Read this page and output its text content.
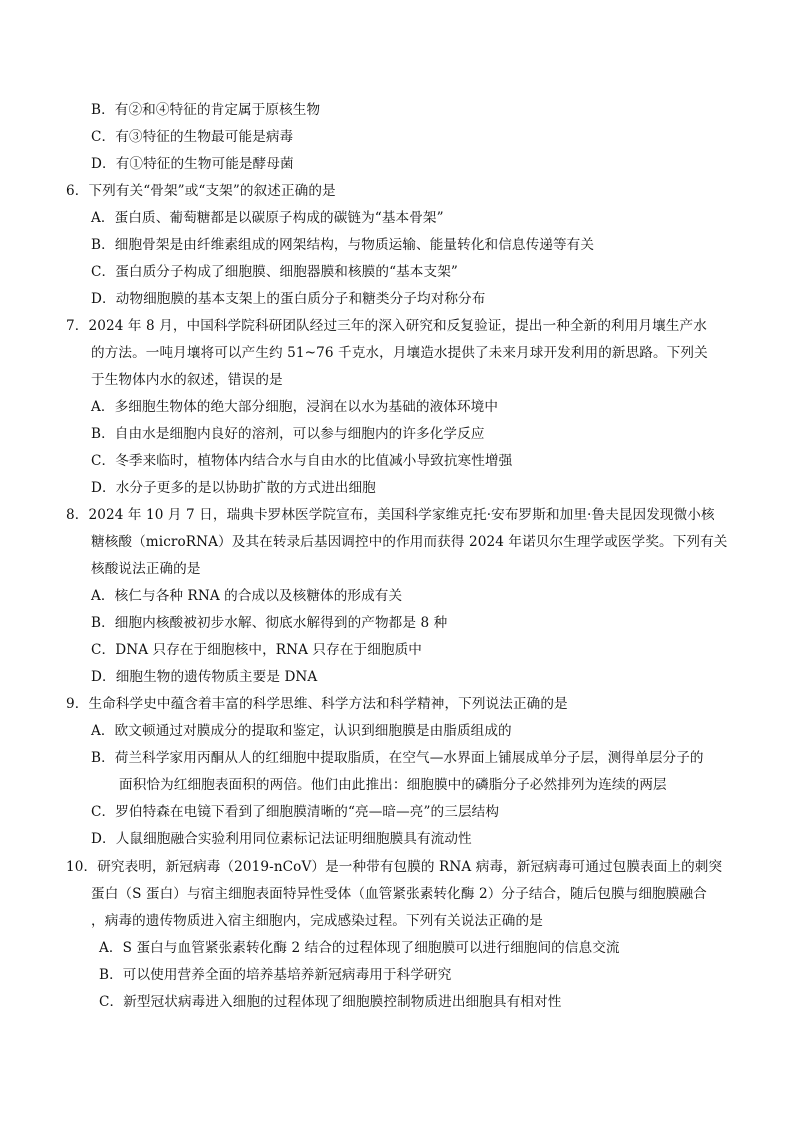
B．有②和④特征的肯定属于原核生物
C．有③特征的生物最可能是病毒
D．有①特征的生物可能是酵母菌
6．下列有关“骨架”或“支架”的叙述正确的是
A．蛋白质、葡萄糖都是以碳原子构成的碳链为“基本骨架”
B．细胞骨架是由纤维素组成的网架结构，与物质运输、能量转化和信息传递等有关
C．蛋白质分子构成了细胞膜、细胞器膜和核膜的“基本支架”
D．动物细胞膜的基本支架上的蛋白质分子和糖类分子均对称分布
7．2024 年 8 月，中国科学院科研团队经过三年的深入研究和反复验证，提出一种全新的利用月壤生产水
的方法。一吨月壤将可以产生约 51~76 千克水，月壤造水提供了未来月球开发利用的新思路。下列关
于生物体内水的叙述，错误的是
A．多细胞生物体的绝大部分细胞，浸润在以水为基础的液体环境中
B．自由水是细胞内良好的溶剂，可以参与细胞内的许多化学反应
C．冬季来临时，植物体内结合水与自由水的比值减小导致抗寒性增强
D．水分子更多的是以协助扩散的方式进出细胞
8．2024 年 10 月 7 日，瑞典卡罗林医学院宣布，美国科学家维克托·安布罗斯和加里·鲁夫昆因发现微小核
糖核酸（microRNA）及其在转录后基因调控中的作用而获得 2024 年诺贝尔生理学或医学奖。下列有关
核酸说法正确的是
A．核仁与各种 RNA 的合成以及核糖体的形成有关
B．细胞内核酸被初步水解、彻底水解得到的产物都是 8 种
C．DNA 只存在于细胞核中，RNA 只存在于细胞质中
D．细胞生物的遗传物质主要是 DNA
9．生命科学史中蕴含着丰富的科学思维、科学方法和科学精神，下列说法正确的是
A．欧文顿通过对膜成分的提取和鉴定，认识到细胞膜是由脂质组成的
B．荷兰科学家用丙酮从人的红细胞中提取脂质，在空气—水界面上铺展成单分子层，测得单层分子的
面积恰为红细胞表面积的两倍。他们由此推出：细胞膜中的磷脂分子必然排列为连续的两层
C．罗伯特森在电镜下看到了细胞膜清晰的“亮—暗—亮”的三层结构
D．人鼠细胞融合实验利用同位素标记法证明细胞膜具有流动性
10．研究表明，新冠病毒（2019-nCoV）是一种带有包膜的 RNA 病毒，新冠病毒可通过包膜表面上的刺突
蛋白（S 蛋白）与宿主细胞表面特异性受体（血管紧张素转化酶 2）分子结合，随后包膜与细胞膜融合
，病毒的遗传物质进入宿主细胞内，完成感染过程。下列有关说法正确的是
A．S 蛋白与血管紧张素转化酶 2 结合的过程体现了细胞膜可以进行细胞间的信息交流
B．可以使用营养全面的培养基培养新冠病毒用于科学研究
C．新型冠状病毒进入细胞的过程体现了细胞膜控制物质进出细胞具有相对性
